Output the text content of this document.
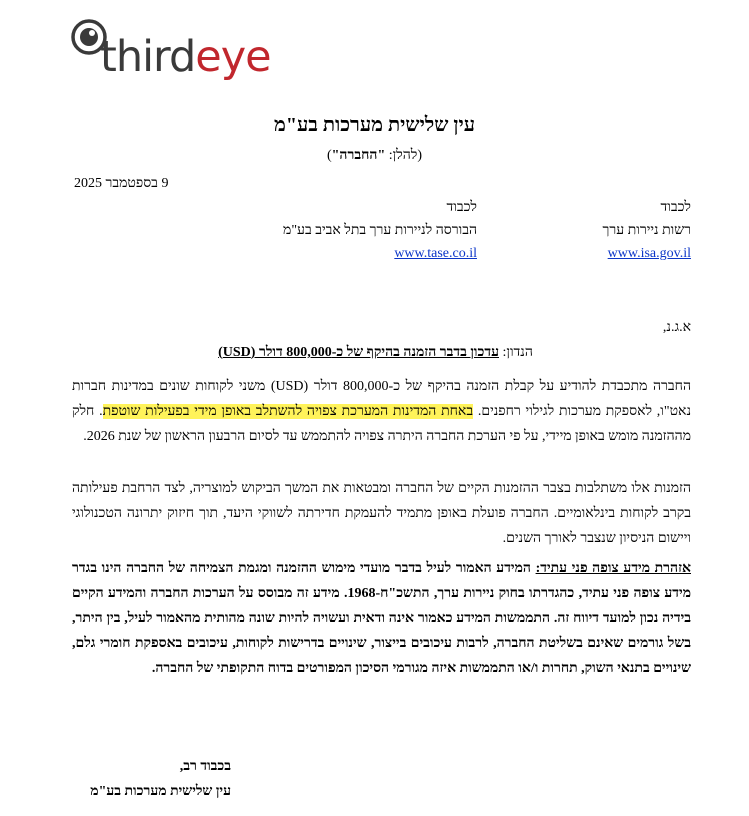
thirdeye
עין שלישית מערכות בע"מ
(להלן: "החברה")
9 בספטמבר 2025
לכבוד
רשות ניירות ערך
www.isa.gov.il
לכבוד
הבורסה לניירות ערך בתל אביב בע"מ
www.tase.co.il
א.ג.נ,
הנדון: עדכון בדבר הזמנה בהיקף של כ-800,000 דולר (USD)
החברה מתכבדת להודיע על קבלת הזמנה בהיקף של כ-800,000 דולר (USD) משני לקוחות שונים במדינות חברות נאט"ו, לאספקת מערכות לגילוי רחפנים. באחת המדינות המערכת צפויה להשתלב באופן מידי בפעילות שוטפת. חלק מההזמנה מומש באופן מיידי, על פי הערכת החברה היתרה צפויה להתממש עד לסיום הרבעון הראשון של שנת 2026.
הזמנות אלו משתלבות בצבר ההזמנות הקיים של החברה ומבטאות את המשך הביקוש למוצריה, לצד הרחבת פעילותה בקרב לקוחות בינלאומיים. החברה פועלת באופן מתמיד להעמקת חדירתה לשווקי היעד, תוך חיזוק יתרונה הטכנולוגי ויישום הניסיון שנצבר לאורך השנים.
אזהרת מידע צופה פני עתיד: המידע האמור לעיל בדבר מועדי מימוש ההזמנה ומגמת הצמיחה של החברה הינו בגדר מידע צופה פני עתיד, כהגדרתו בחוק ניירות ערך, התשכ"ח-1968. מידע זה מבוסס על הערכות החברה והמידע הקיים בידיה נכון למועד דיווח זה. התממשות המידע כאמור אינה ודאית ועשויה להיות שונה מהותית מהאמור לעיל, בין היתר, בשל גורמים שאינם בשליטת החברה, לרבות עיכובים בייצור, שינויים בדרישות לקוחות, עיכובים באספקת חומרי גלם, שינויים בתנאי השוק, תחרות ו/או התממשות איזה מגורמי הסיכון המפורטים בדוח התקופתי של החברה.
בכבוד רב,
עין שלישית מערכות בע"מ
